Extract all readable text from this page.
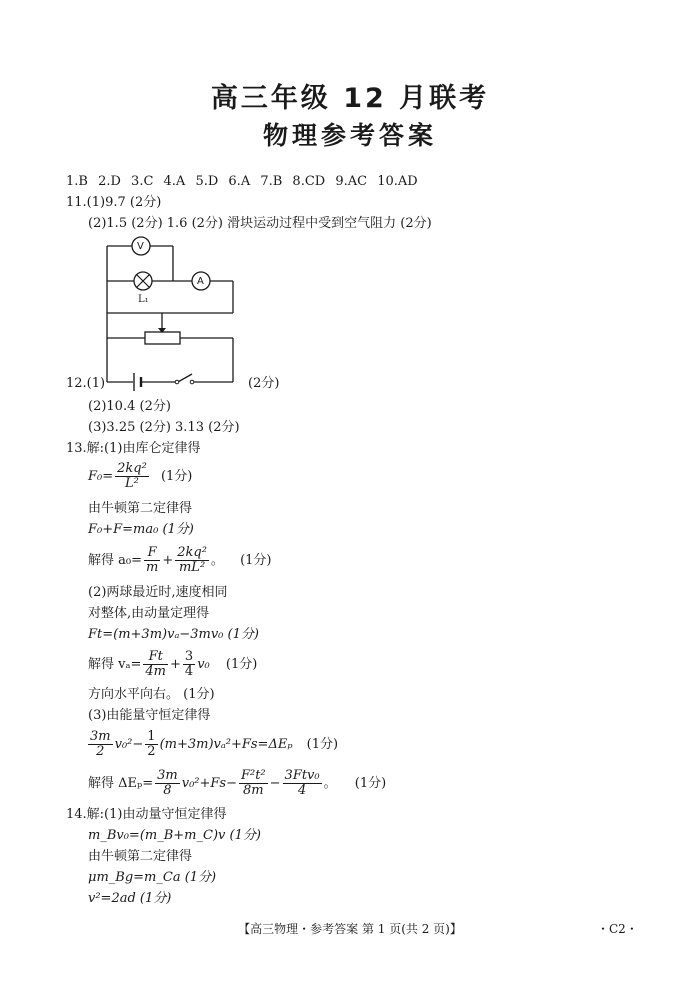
高三年级 12 月联考
物理参考答案
1.B 2.D 3.C 4.A 5.D 6.A 7.B 8.CD 9.AC 10.AD
11.(1)9.7 (2分)
(2)1.5 (2分) 1.6 (2分) 滑块运动过程中受到空气阻力 (2分)
V
A
L₁
12.(1)	(2分)
(2)10.4 (2分)
(3)3.25 (2分) 3.13 (2分)
13.解:(1)由库仑定律得
$F_0= \frac{\text{2kq²}}{\text{L²}} (1$分)
由牛顿第二定律得
F₀+F=ma₀ (1分)
解得 $a_0= \frac{F}{m} + \frac{\text{2kq²}}{\text{mL²}}$ 。 (1分)
(2)两球最近时,速度相同
对整体,由动量定理得
Ft=(m+3m)vₐ−3mv₀ (1分)
解得 $v_a= \frac{Ft}{4m} + \frac{3}{4} v_0$ (1分)
方向水平向右。 (1分)
(3)由能量守恒定律得
$\frac{3m}{2} v_0^2- \frac{1}{2} (m+3m)v_a^2+Fs=\Delta E_p$ (1分)
解得 $\Delta E_p= \frac{3m}{8} v_0^2+Fs- \frac{\text{F²t²}}{8m} - \frac{\text{3Ftv₀}}{4}$ 。 (1分)
14.解:(1)由动量守恒定律得
m_Bv₀=(m_B+m_C)v (1分)
由牛顿第二定律得
μm_Bg=m_Ca (1分)
v²=2ad (1分)
【高三物理・参考答案 第 1 页(共 2 页)】	・C2・
